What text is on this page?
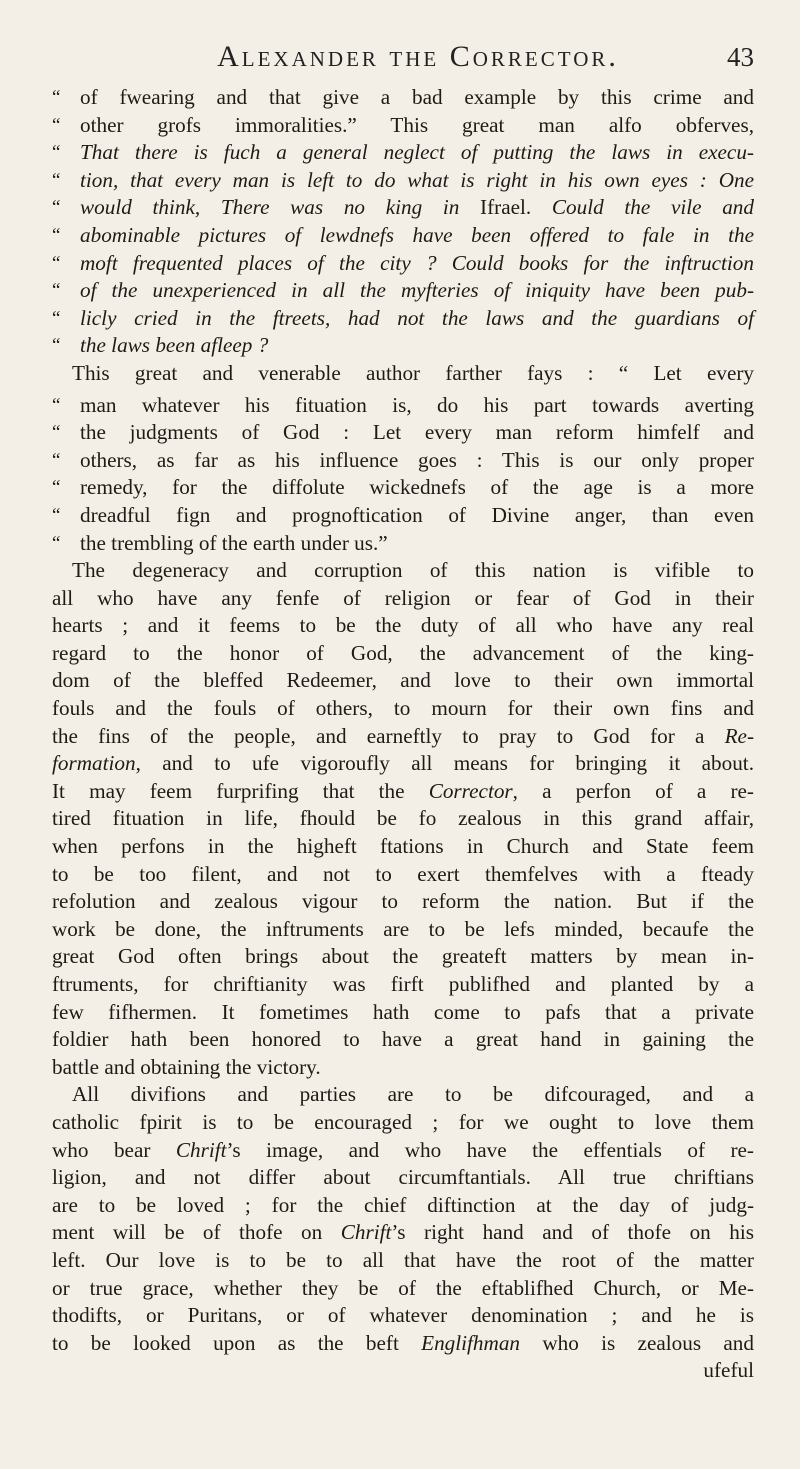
Alexander the Corrector.	43
“ of fwearing and that give a bad example by this crime and
“ other grofs immoralities.” This great man alfo obferves,
“ That there is fuch a general neglect of putting the laws in execu-
“ tion, that every man is left to do what is right in his own eyes : One
“ would think, There was no king in Ifrael. Could the vile and
“ abominable pictures of lewdnefs have been offered to fale in the
“ moft frequented places of the city ? Could books for the inftruction
“ of the unexperienced in all the myfteries of iniquity have been pub-
“ licly cried in the ftreets, had not the laws and the guardians of
“ the laws been afleep ?
This great and venerable author farther fays : “ Let every
“ man whatever his fituation is, do his part towards averting
“ the judgments of God : Let every man reform himfelf and
“ others, as far as his influence goes : This is our only proper
“ remedy, for the diffolute wickednefs of the age is a more
“ dreadful fign and prognoftication of Divine anger, than even
“ the trembling of the earth under us.”
The degeneracy and corruption of this nation is vifible to
all who have any fenfe of religion or fear of God in their
hearts ; and it feems to be the duty of all who have any real
regard to the honor of God, the advancement of the king-
dom of the bleffed Redeemer, and love to their own immortal
fouls and the fouls of others, to mourn for their own fins and
the fins of the people, and earneftly to pray to God for a Re-
formation, and to ufe vigoroufly all means for bringing it about.
It may feem furprifing that the Corrector, a perfon of a re-
tired fituation in life, fhould be fo zealous in this grand affair,
when perfons in the higheft ftations in Church and State feem
to be too filent, and not to exert themfelves with a fteady
refolution and zealous vigour to reform the nation. But if the
work be done, the inftruments are to be lefs minded, becaufe the
great God often brings about the greateft matters by mean in-
ftruments, for chriftianity was firft publifhed and planted by a
few fifhermen. It fometimes hath come to pafs that a private
foldier hath been honored to have a great hand in gaining the
battle and obtaining the victory.
All divifions and parties are to be difcouraged, and a
catholic fpirit is to be encouraged ; for we ought to love them
who bear Chrift’s image, and who have the effentials of re-
ligion, and not differ about circumftantials. All true chriftians
are to be loved ; for the chief diftinction at the day of judg-
ment will be of thofe on Chrift’s right hand and of thofe on his
left. Our love is to be to all that have the root of the matter
or true grace, whether they be of the eftablifhed Church, or Me-
thodifts, or Puritans, or of whatever denomination ; and he is
to be looked upon as the beft Englifhman who is zealous and
ufeful
